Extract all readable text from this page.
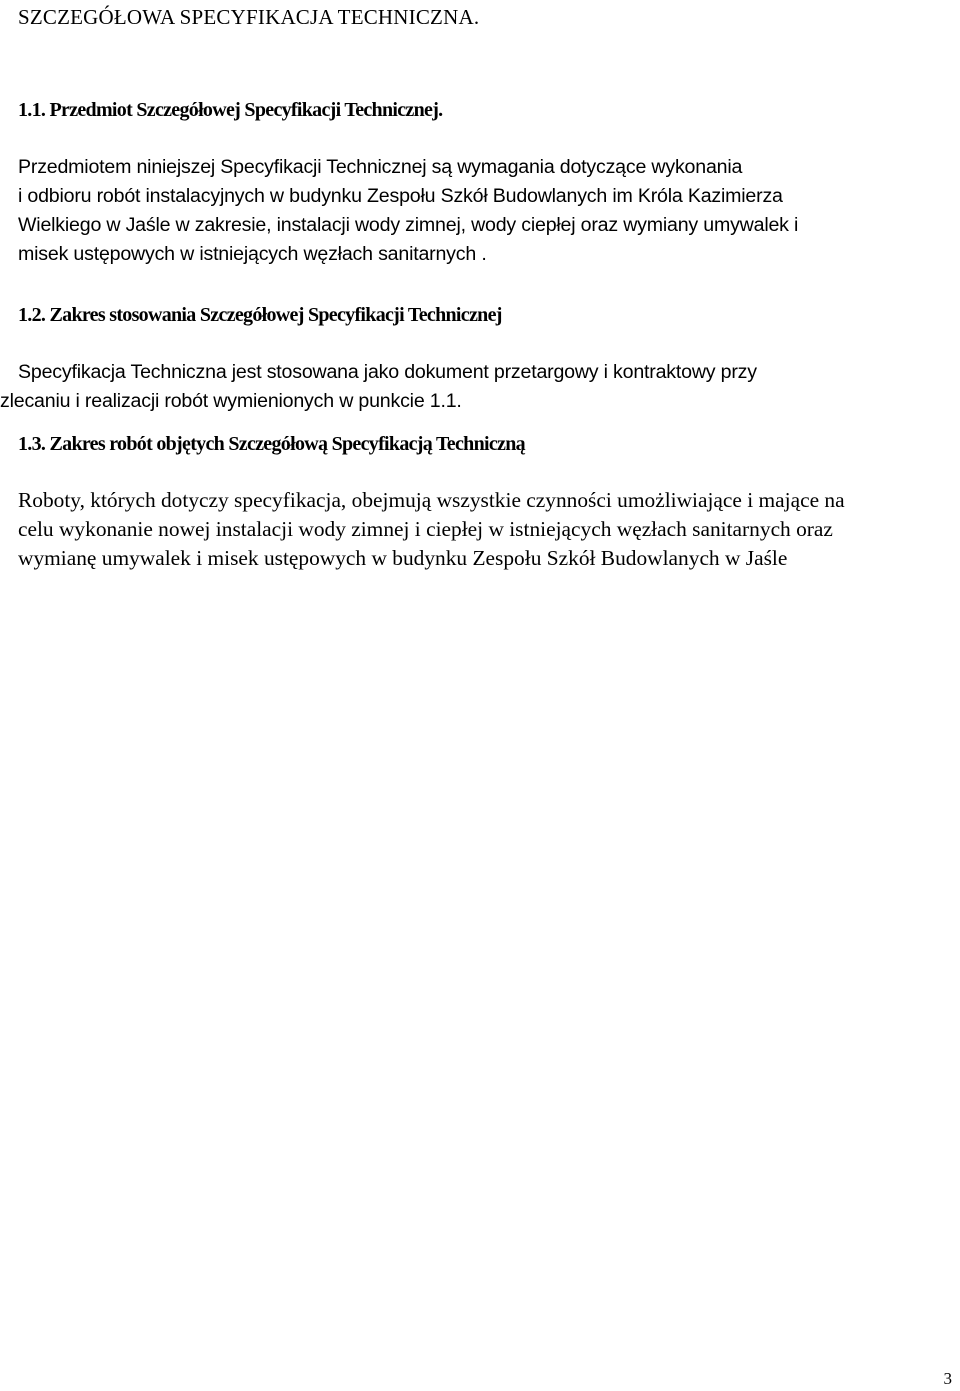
SZCZEGÓŁOWA SPECYFIKACJA TECHNICZNA.
1.1. Przedmiot Szczegółowej Specyfikacji Technicznej.
Przedmiotem niniejszej Specyfikacji Technicznej są wymagania dotyczące wykonania
i odbioru robót instalacyjnych w budynku Zespołu Szkół Budowlanych im Króla Kazimierza
Wielkiego w Jaśle w zakresie, instalacji wody zimnej, wody ciepłej oraz wymiany umywalek i
misek ustępowych w istniejących węzłach sanitarnych .
1.2. Zakres stosowania Szczegółowej Specyfikacji Technicznej
Specyfikacja Techniczna jest stosowana jako dokument przetargowy i kontraktowy przy
zlecaniu i realizacji robót wymienionych w punkcie 1.1.
1.3. Zakres robót objętych Szczegółową Specyfikacją Techniczną
Roboty, których dotyczy specyfikacja, obejmują wszystkie czynności umożliwiające i mające na
celu wykonanie nowej instalacji wody zimnej i ciepłej w istniejących węzłach sanitarnych oraz
wymianę umywalek i misek ustępowych w budynku Zespołu Szkół Budowlanych w Jaśle
3
